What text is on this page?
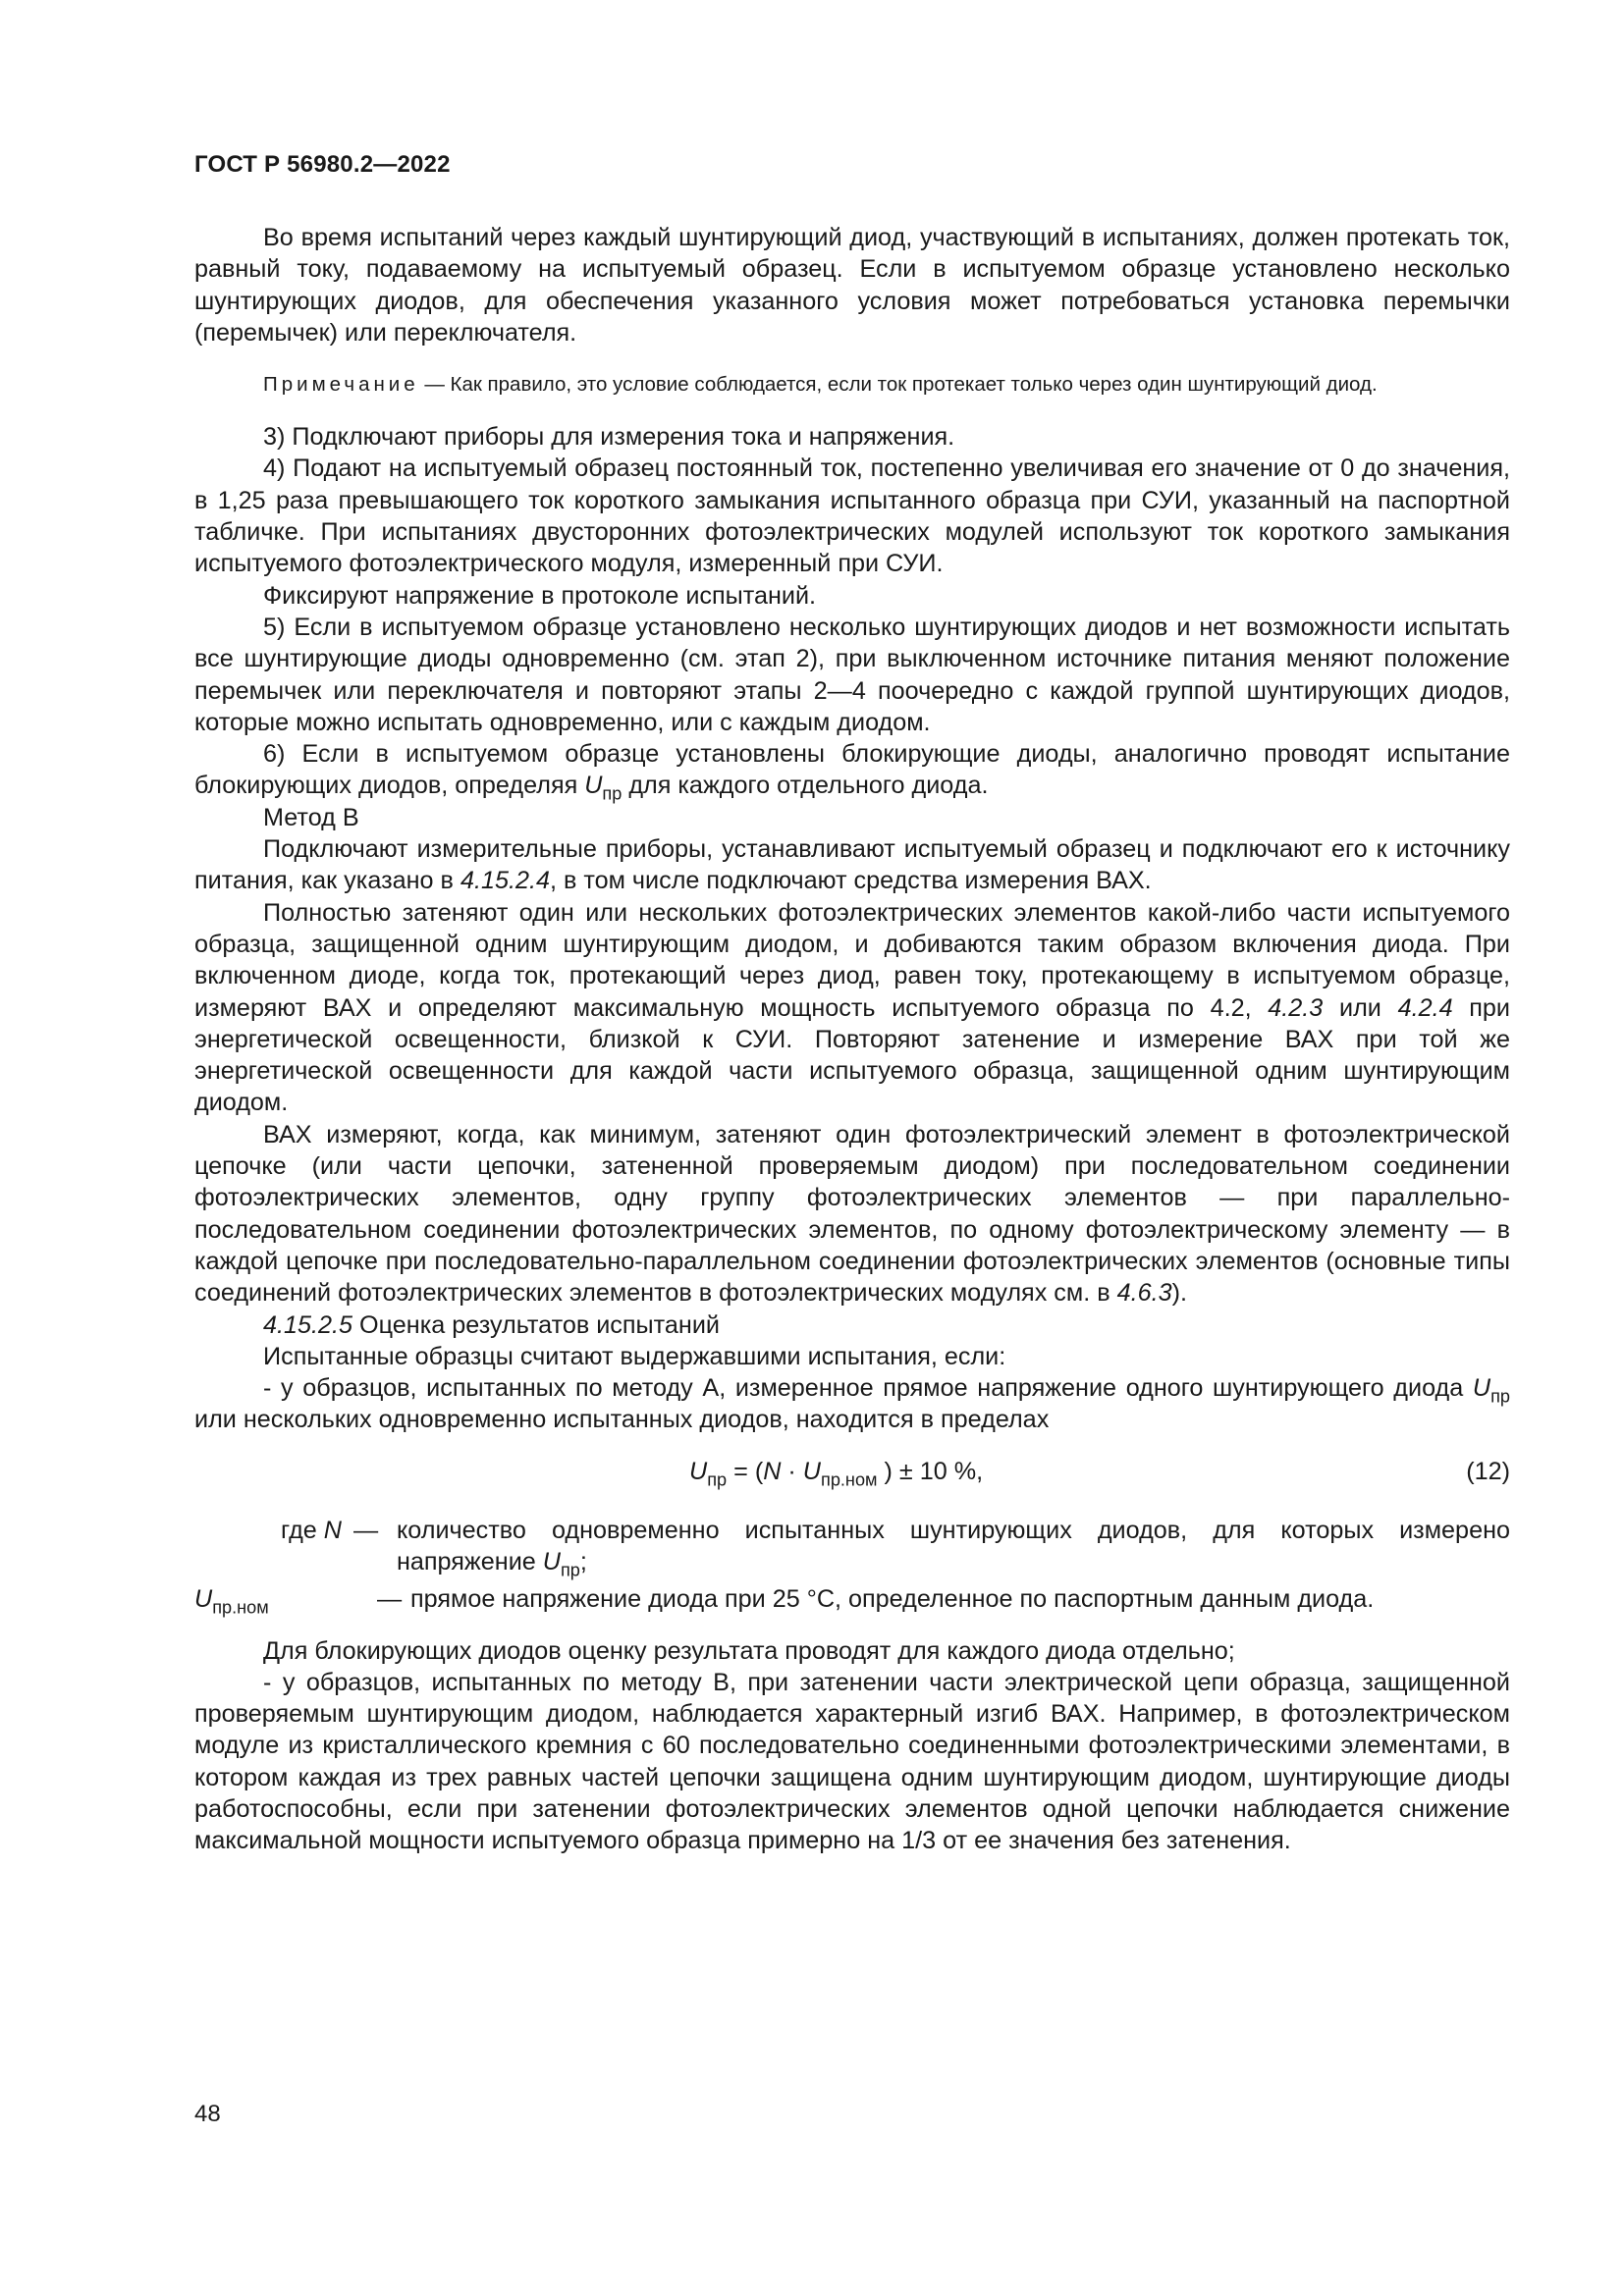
ГОСТ Р 56980.2—2022

Во время испытаний через каждый шунтирующий диод, участвующий в испытаниях, должен протекать ток, равный току, подаваемому на испытуемый образец. Если в испытуемом образце установлено несколько шунтирующих диодов, для обеспечения указанного условия может потребоваться установка перемычки (перемычек) или переключателя.

Примечание — Как правило, это условие соблюдается, если ток протекает только через один шунтирующий диод.

3) Подключают приборы для измерения тока и напряжения.

4) Подают на испытуемый образец постоянный ток, постепенно увеличивая его значение от 0 до значения, в 1,25 раза превышающего ток короткого замыкания испытанного образца при СУИ, указанный на паспортной табличке. При испытаниях двусторонних фотоэлектрических модулей используют ток короткого замыкания испытуемого фотоэлектрического модуля, измеренный при СУИ.

Фиксируют напряжение в протоколе испытаний.

5) Если в испытуемом образце установлено несколько шунтирующих диодов и нет возможности испытать все шунтирующие диоды одновременно (см. этап 2), при выключенном источнике питания меняют положение перемычек или переключателя и повторяют этапы 2—4 поочередно с каждой группой шунтирующих диодов, которые можно испытать одновременно, или с каждым диодом.

6) Если в испытуемом образце установлены блокирующие диоды, аналогично проводят испытание блокирующих диодов, определяя $U_{пр}$ для каждого отдельного диода.

Метод В

Подключают измерительные приборы, устанавливают испытуемый образец и подключают его к источнику питания, как указано в 4.15.2.4, в том числе подключают средства измерения ВАХ.

Полностью затеняют один или нескольких фотоэлектрических элементов какой-либо части испытуемого образца, защищенной одним шунтирующим диодом, и добиваются таким образом включения диода. При включенном диоде, когда ток, протекающий через диод, равен току, протекающему в испытуемом образце, измеряют ВАХ и определяют максимальную мощность испытуемого образца по 4.2, 4.2.3 или 4.2.4 при энергетической освещенности, близкой к СУИ. Повторяют затенение и измерение ВАХ при той же энергетической освещенности для каждой части испытуемого образца, защищенной одним шунтирующим диодом.

ВАХ измеряют, когда, как минимум, затеняют один фотоэлектрический элемент в фотоэлектрической цепочке (или части цепочки, затененной проверяемым диодом) при последовательном соединении фотоэлектрических элементов, одну группу фотоэлектрических элементов — при параллельно-последовательном соединении фотоэлектрических элементов, по одному фотоэлектрическому элементу — в каждой цепочке при последовательно-параллельном соединении фотоэлектрических элементов (основные типы соединений фотоэлектрических элементов в фотоэлектрических модулях см. в 4.6.3).

4.15.2.5 Оценка результатов испытаний

Испытанные образцы считают выдержавшими испытания, если:

- у образцов, испытанных по методу А, измеренное прямое напряжение одного шунтирующего диода $U_{пр}$ или нескольких одновременно испытанных диодов, находится в пределах

$U_{пр} = (N \cdot U_{пр.ном}$ ) ± 10 %,	(12)
где N — количество одновременно испытанных шунтирующих диодов, для которых измерено напряжение $U_{пр}$;
$U_{пр.ном}$	— прямое напряжение диода при 25 °С, определенное по паспортным данным диода.

Для блокирующих диодов оценку результата проводят для каждого диода отдельно;

- у образцов, испытанных по методу В, при затенении части электрической цепи образца, защищенной проверяемым шунтирующим диодом, наблюдается характерный изгиб ВАХ. Например, в фотоэлектрическом модуле из кристаллического кремния с 60 последовательно соединенными фотоэлектрическими элементами, в котором каждая из трех равных частей цепочки защищена одним шунтирующим диодом, шунтирующие диоды работоспособны, если при затенении фотоэлектрических элементов одной цепочки наблюдается снижение максимальной мощности испытуемого образца примерно на 1/3 от ее значения без затенения.

48
